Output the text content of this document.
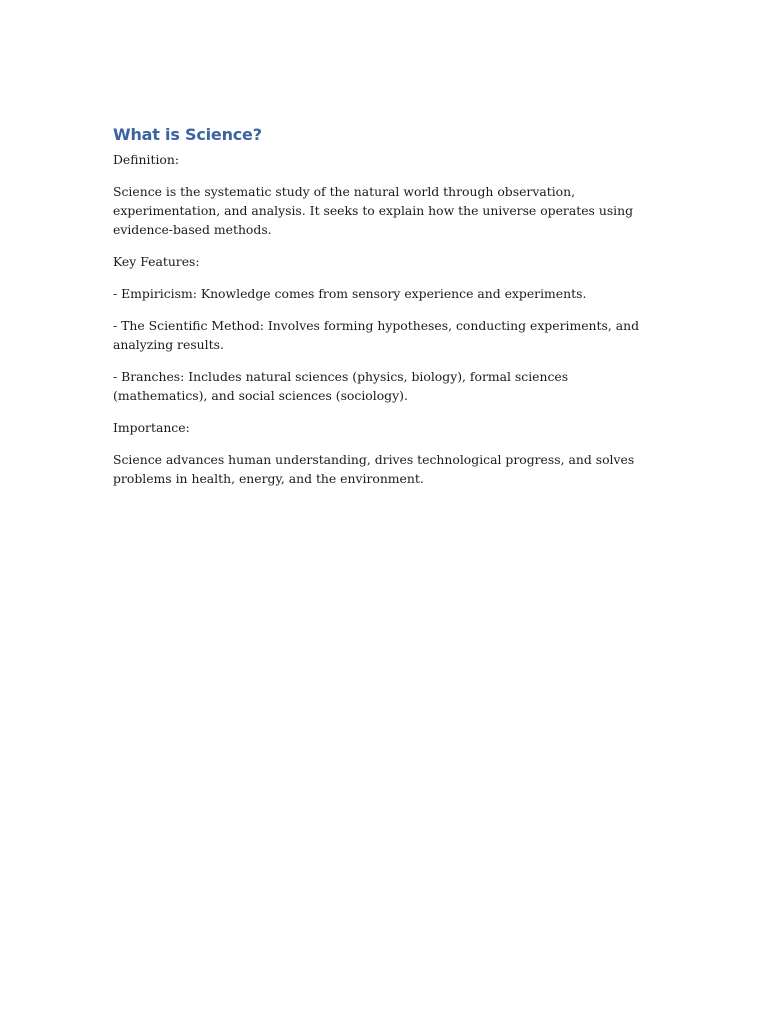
What is Science?

Definition:

Science is the systematic study of the natural world through observation, experimentation, and analysis. It seeks to explain how the universe operates using evidence-based methods.

Key Features:

- Empiricism: Knowledge comes from sensory experience and experiments.

- The Scientific Method: Involves forming hypotheses, conducting experiments, and analyzing results.

- Branches: Includes natural sciences (physics, biology), formal sciences (mathematics), and social sciences (sociology).

Importance:

Science advances human understanding, drives technological progress, and solves problems in health, energy, and the environment.
